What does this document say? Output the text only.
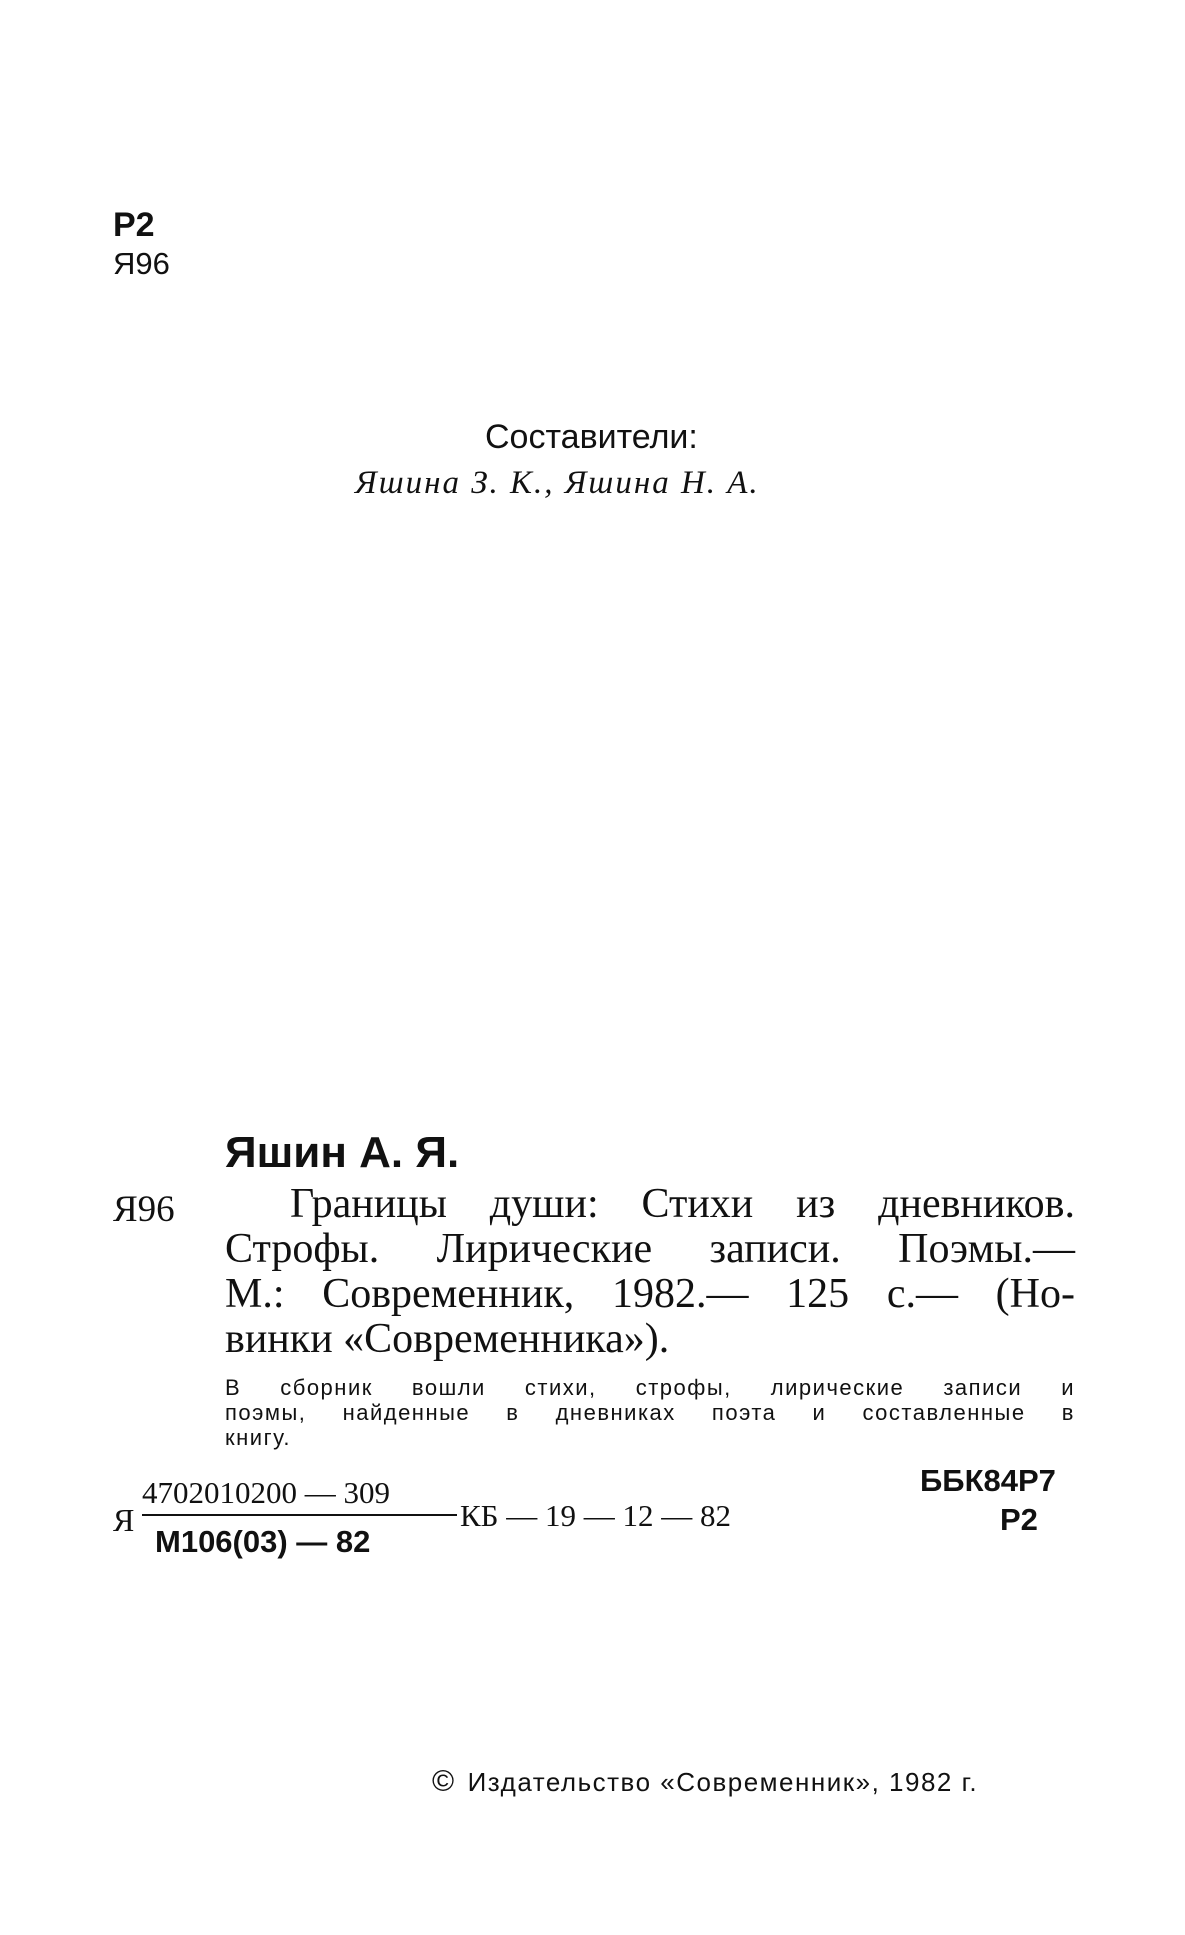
Р2
Я96
Составители:
Яшина З. К., Яшина Н. А.
Яшин А. Я.
Я96	Границы души: Стихи из дневников.
Строфы. Лирические записи. Поэмы.—
М.: Современник, 1982.— 125 с.— (Но-
винки «Современника»).
В сборник вошли стихи, строфы, лирические записи и
поэмы, найденные в дневниках поэта и составленные в
книгу.
Я
4702010200 — 309
М106(03) — 82
КБ — 19 — 12 — 82
ББК84Р7
Р2
© Издательство «Современник», 1982 г.
